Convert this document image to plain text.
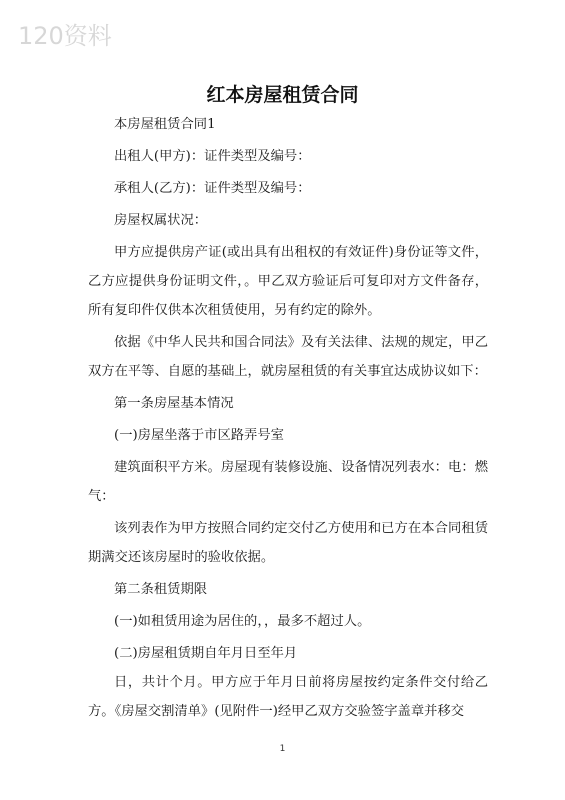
120资料
红本房屋租赁合同

本房屋租赁合同1

出租人(甲方)：证件类型及编号：

承租人(乙方)：证件类型及编号：

房屋权属状况：

甲方应提供房产证(或出具有出租权的有效证件)身份证等文件，乙方应提供身份证明文件，。甲乙双方验证后可复印对方文件备存，所有复印件仅供本次租赁使用，另有约定的除外。

依据《中华人民共和国合同法》及有关法律、法规的规定，甲乙双方在平等、自愿的基础上，就房屋租赁的有关事宜达成协议如下：

第一条房屋基本情况

(一)房屋坐落于市区路弄号室

建筑面积平方米。房屋现有装修设施、设备情况列表水：电：燃气：

该列表作为甲方按照合同约定交付乙方使用和已方在本合同租赁期满交还该房屋时的验收依据。

第二条租赁期限

(一)如租赁用途为居住的，，最多不超过人。

(二)房屋租赁期自年月日至年月

日，共计个月。甲方应于年月日前将房屋按约定条件交付给乙方。《房屋交割清单》(见附件一)经甲乙双方交验签字盖章并移交

1
